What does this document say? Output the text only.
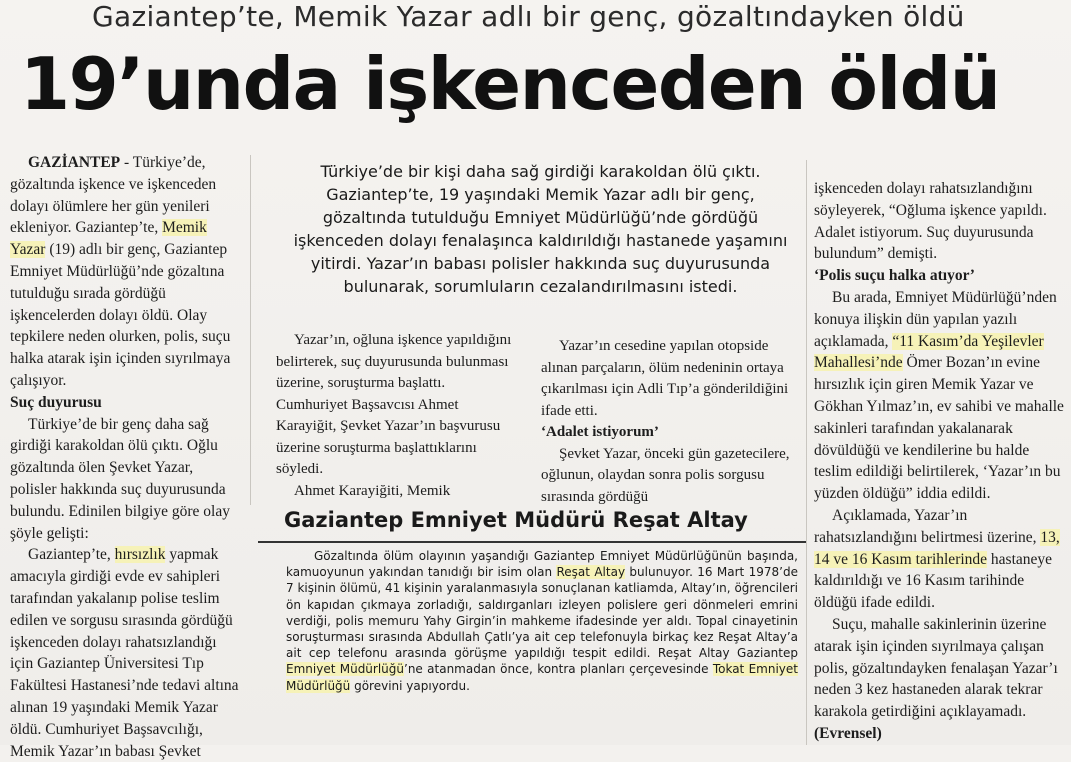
Gaziantep’te, Memik Yazar adlı bir genç, gözaltındayken öldü
19’unda işkenceden öldü

GAZİANTEP - Türkiye’de, gözaltında işkence ve işkenceden dolayı ölümlere her gün yenileri ekleniyor. Gaziantep’te, Memik Yazar (19) adlı bir genç, Gaziantep Emniyet Müdürlüğü’nde gözaltına tutulduğu sırada gördüğü işkencelerden dolayı öldü. Olay tepkilere neden olurken, polis, suçu halka atarak işin içinden sıyrılmaya çalışıyor.

Suç duyurusu

Türkiye’de bir genç daha sağ girdiği karakoldan ölü çıktı. Oğlu gözaltında ölen Şevket Yazar, polisler hakkında suç duyurusunda bulundu. Edinilen bilgiye göre olay şöyle gelişti:

Gaziantep’te, hırsızlık yapmak amacıyla girdiği evde ev sahipleri tarafından yakalanıp polise teslim edilen ve sorgusu sırasında gördüğü işkenceden dolayı rahatsızlandığı için Gaziantep Üniversitesi Tıp Fakültesi Hastanesi’nde tedavi altına alınan 19 yaşındaki Memik Yazar öldü. Cumhuriyet Başsavcılığı, Memik Yazar’ın babası Şevket

Türkiye’de bir kişi daha sağ girdiği karakoldan ölü çıktı. Gaziantep’te, 19 yaşındaki Memik Yazar adlı bir genç, gözaltında tutulduğu Emniyet Müdürlüğü’nde gördüğü işkenceden dolayı fenalaşınca kaldırıldığı hastanede yaşamını yitirdi. Yazar’ın babası polisler hakkında suç duyurusunda bulunarak, sorumluların cezalandırılmasını istedi.

Yazar’ın, oğluna işkence yapıldığını belirterek, suç duyurusunda bulunması üzerine, soruşturma başlattı. Cumhuriyet Başsavcısı Ahmet Karayiğit, Şevket Yazar’ın başvurusu üzerine soruşturma başlattıklarını söyledi.

Ahmet Karayiğiti, Memik

Yazar’ın cesedine yapılan otopside alınan parçaların, ölüm nedeninin ortaya çıkarılması için Adli Tıp’a gönderildiğini ifade etti.

‘Adalet istiyorum’

Şevket Yazar, önceki gün gazetecilere, oğlunun, olaydan sonra polis sorgusu sırasında gördüğü

işkenceden dolayı rahatsızlandığını söyleyerek, “Oğluma işkence yapıldı. Adalet istiyorum. Suç duyurusunda bulundum” demişti.

‘Polis suçu halka atıyor’

Bu arada, Emniyet Müdürlüğü’nden konuya ilişkin dün yapılan yazılı açıklamada, “11 Kasım’da Yeşilevler Mahallesi’nde Ömer Bozan’ın evine hırsızlık için giren Memik Yazar ve Gökhan Yılmaz’ın, ev sahibi ve mahalle sakinleri tarafından yakalanarak dövüldüğü ve kendilerine bu halde teslim edildiği belirtilerek, ‘Yazar’ın bu yüzden öldüğü” iddia edildi.

Açıklamada, Yazar’ın rahatsızlandığını belirtmesi üzerine, 13, 14 ve 16 Kasım tarihlerinde hastaneye kaldırıldığı ve 16 Kasım tarihinde öldüğü ifade edildi.

Suçu, mahalle sakinlerinin üzerine atarak işin içinden sıyrılmaya çalışan polis, gözaltındayken fenalaşan Yazar’ı neden 3 kez hastaneden alarak tekrar karakola getirdiğini açıklayamadı.

(Evrensel)

Gaziantep Emniyet Müdürü Reşat Altay

Gözaltında ölüm olayının yaşandığı Gaziantep Emniyet Müdürlüğünün başında, kamuoyunun yakından tanıdığı bir isim olan Reşat Altay bulunuyor. 16 Mart 1978’de 7 kişinin ölümü, 41 kişinin yaralanmasıyla sonuçlanan katliamda, Altay’ın, öğrencileri ön kapıdan çıkmaya zorladığı, saldırganları izleyen polislere geri dönmeleri emrini verdiği, polis memuru Yahy Girgin’in mahkeme ifadesinde yer aldı. Topal cinayetinin soruşturması sırasında Abdullah Çatlı’ya ait cep telefonuyla birkaç kez Reşat Altay’a ait cep telefonu arasında görüşme yapıldığı tespit edildi. Reşat Altay Gaziantep Emniyet Müdürlüğü’ne atanmadan önce, kontra planları çerçevesinde Tokat Emniyet Müdürlüğü görevini yapıyordu.
